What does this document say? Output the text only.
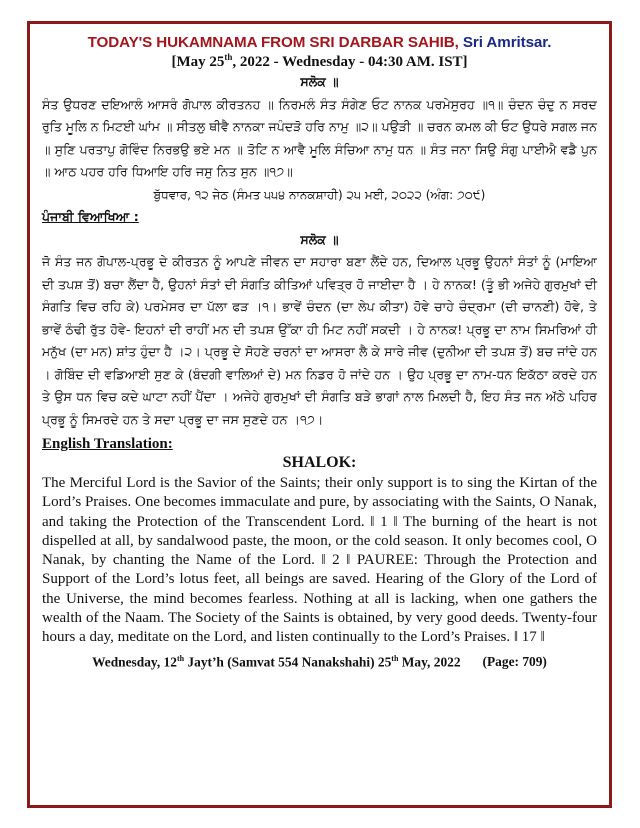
TODAY'S HUKAMNAMA FROM SRI DARBAR SAHIB, Sri Amritsar.

[May 25th, 2022 - Wednesday - 04:30 AM. IST]

ਸਲੋਕ ॥

ਸੰਤ ਉਧਰਣ ਦਇਆਲੰ ਆਸਰੰ ਗੋਪਾਲ ਕੀਰਤਨਹ ॥ ਨਿਰਮਲੰ ਸੰਤ ਸੰਗੇਣ ਓਟ ਨਾਨਕ ਪਰਮੇਸੁਰਹ ॥੧॥ ਚੰਦਨ ਚੰਦੁ ਨ ਸਰਦ ਰੁਤਿ ਮੂਲਿ ਨ ਮਿਟਈ ਘਾਂਮ ॥ ਸੀਤਲੁ ਥੀਵੈ ਨਾਨਕਾ ਜਪੰਦੜੋ ਹਰਿ ਨਾਮੁ ॥੨॥ ਪਉੜੀ ॥ ਚਰਨ ਕਮਲ ਕੀ ਓਟ ਉਧਰੇ ਸਗਲ ਜਨ ॥ ਸੁਣਿ ਪਰਤਾਪੁ ਗੋਵਿੰਦ ਨਿਰਭਉ ਭਏ ਮਨ ॥ ਤੋਟਿ ਨ ਆਵੈ ਮੂਲਿ ਸੰਚਿਆ ਨਾਮੁ ਧਨ ॥ ਸੰਤ ਜਨਾ ਸਿਉ ਸੰਗੁ ਪਾਈਐ ਵਡੈ ਪੁਨ ॥ ਆਠ ਪਹਰ ਹਰਿ ਧਿਆਇ ਹਰਿ ਜਸੁ ਨਿਤ ਸੁਨ ॥੧੭॥

ਬੁੱਧਵਾਰ, ੧੨ ਜੇਠ (ਸੰਮਤ ੫੫੪ ਨਾਨਕਸ਼ਾਹੀ) ੨੫ ਮਈ, ੨੦੨੨ (ਅੰਗ: ੭੦੯)
ਪੰਜਾਬੀ ਵਿਆਖਿਆ :
ਸਲੋਕ ॥

ਜੋ ਸੰਤ ਜਨ ਗੋਪਾਲ-ਪ੍ਰਭੂ ਦੇ ਕੀਰਤਨ ਨੂੰ ਆਪਣੇ ਜੀਵਨ ਦਾ ਸਹਾਰਾ ਬਣਾ ਲੈਂਦੇ ਹਨ, ਦਿਆਲ ਪ੍ਰਭੂ ਉਹਨਾਂ ਸੰਤਾਂ ਨੂੰ (ਮਾਇਆ ਦੀ ਤਪਸ਼ ਤੋਂ) ਬਚਾ ਲੈਂਦਾ ਹੈ, ਉਹਨਾਂ ਸੰਤਾਂ ਦੀ ਸੰਗਤਿ ਕੀਤਿਆਂ ਪਵਿਤ੍ਰ ਹੋ ਜਾਈਦਾ ਹੈ । ਹੇ ਨਾਨਕ! (ਤੂੰ ਭੀ ਅਜੇਹੇ ਗੁਰਮੁਖਾਂ ਦੀ ਸੰਗਤਿ ਵਿਚ ਰਹਿ ਕੇ) ਪਰਮੇਸਰ ਦਾ ਪੱਲਾ ਫੜ ।੧। ਭਾਵੇਂ ਚੰਦਨ (ਦਾ ਲੇਪ ਕੀਤਾ) ਹੋਵੇ ਚਾਹੇ ਚੰਦ੍ਰਮਾ (ਦੀ ਚਾਨਣੀ) ਹੋਵੇ, ਤੇ ਭਾਵੇਂ ਠੰਢੀ ਰੁੱਤ ਹੋਵੇ- ਇਹਨਾਂ ਦੀ ਰਾਹੀਂ ਮਨ ਦੀ ਤਪਸ਼ ਉੱਕਾ ਹੀ ਮਿਟ ਨਹੀਂ ਸਕਦੀ । ਹੇ ਨਾਨਕ! ਪ੍ਰਭੂ ਦਾ ਨਾਮ ਸਿਮਰਿਆਂ ਹੀ ਮਨੁੱਖ (ਦਾ ਮਨ) ਸ਼ਾਂਤ ਹੁੰਦਾ ਹੈ ।੨। ਪ੍ਰਭੂ ਦੇ ਸੋਹਣੇ ਚਰਨਾਂ ਦਾ ਆਸਰਾ ਲੈ ਕੇ ਸਾਰੇ ਜੀਵ (ਦੁਨੀਆ ਦੀ ਤਪਸ਼ ਤੋਂ) ਬਚ ਜਾਂਦੇ ਹਨ । ਗੋਬਿੰਦ ਦੀ ਵਡਿਆਈ ਸੁਣ ਕੇ (ਬੰਦਗੀ ਵਾਲਿਆਂ ਦੇ) ਮਨ ਨਿਡਰ ਹੋ ਜਾਂਦੇ ਹਨ । ਉਹ ਪ੍ਰਭੂ ਦਾ ਨਾਮ-ਧਨ ਇਕੱਠਾ ਕਰਦੇ ਹਨ ਤੇ ਉਸ ਧਨ ਵਿਚ ਕਦੇ ਘਾਟਾ ਨਹੀਂ ਪੈਂਦਾ । ਅਜੇਹੇ ਗੁਰਮੁਖਾਂ ਦੀ ਸੰਗਤਿ ਬੜੇ ਭਾਗਾਂ ਨਾਲ ਮਿਲਦੀ ਹੈ, ਇਹ ਸੰਤ ਜਨ ਅੱਠੇ ਪਹਿਰ ਪ੍ਰਭੂ ਨੂੰ ਸਿਮਰਦੇ ਹਨ ਤੇ ਸਦਾ ਪ੍ਰਭੂ ਦਾ ਜਸ ਸੁਣਦੇ ਹਨ ।੧੭।

English Translation:

SHALOK:

The Merciful Lord is the Savior of the Saints; their only support is to sing the Kirtan of the Lord’s Praises. One becomes immaculate and pure, by associating with the Saints, O Nanak, and taking the Protection of the Transcendent Lord. ‖ 1 ‖ The burning of the heart is not dispelled at all, by sandalwood paste, the moon, or the cold season. It only becomes cool, O Nanak, by chanting the Name of the Lord. ‖ 2 ‖ PAUREE: Through the Protection and Support of the Lord’s lotus feet, all beings are saved. Hearing of the Glory of the Lord of the Universe, the mind becomes fearless. Nothing at all is lacking, when one gathers the wealth of the Naam. The Society of the Saints is obtained, by very good deeds. Twenty-four hours a day, meditate on the Lord, and listen continually to the Lord’s Praises. ‖ 17 ‖

Wednesday, 12th Jayt’h (Samvat 554 Nanakshahi) 25th May, 2022 (Page: 709)
